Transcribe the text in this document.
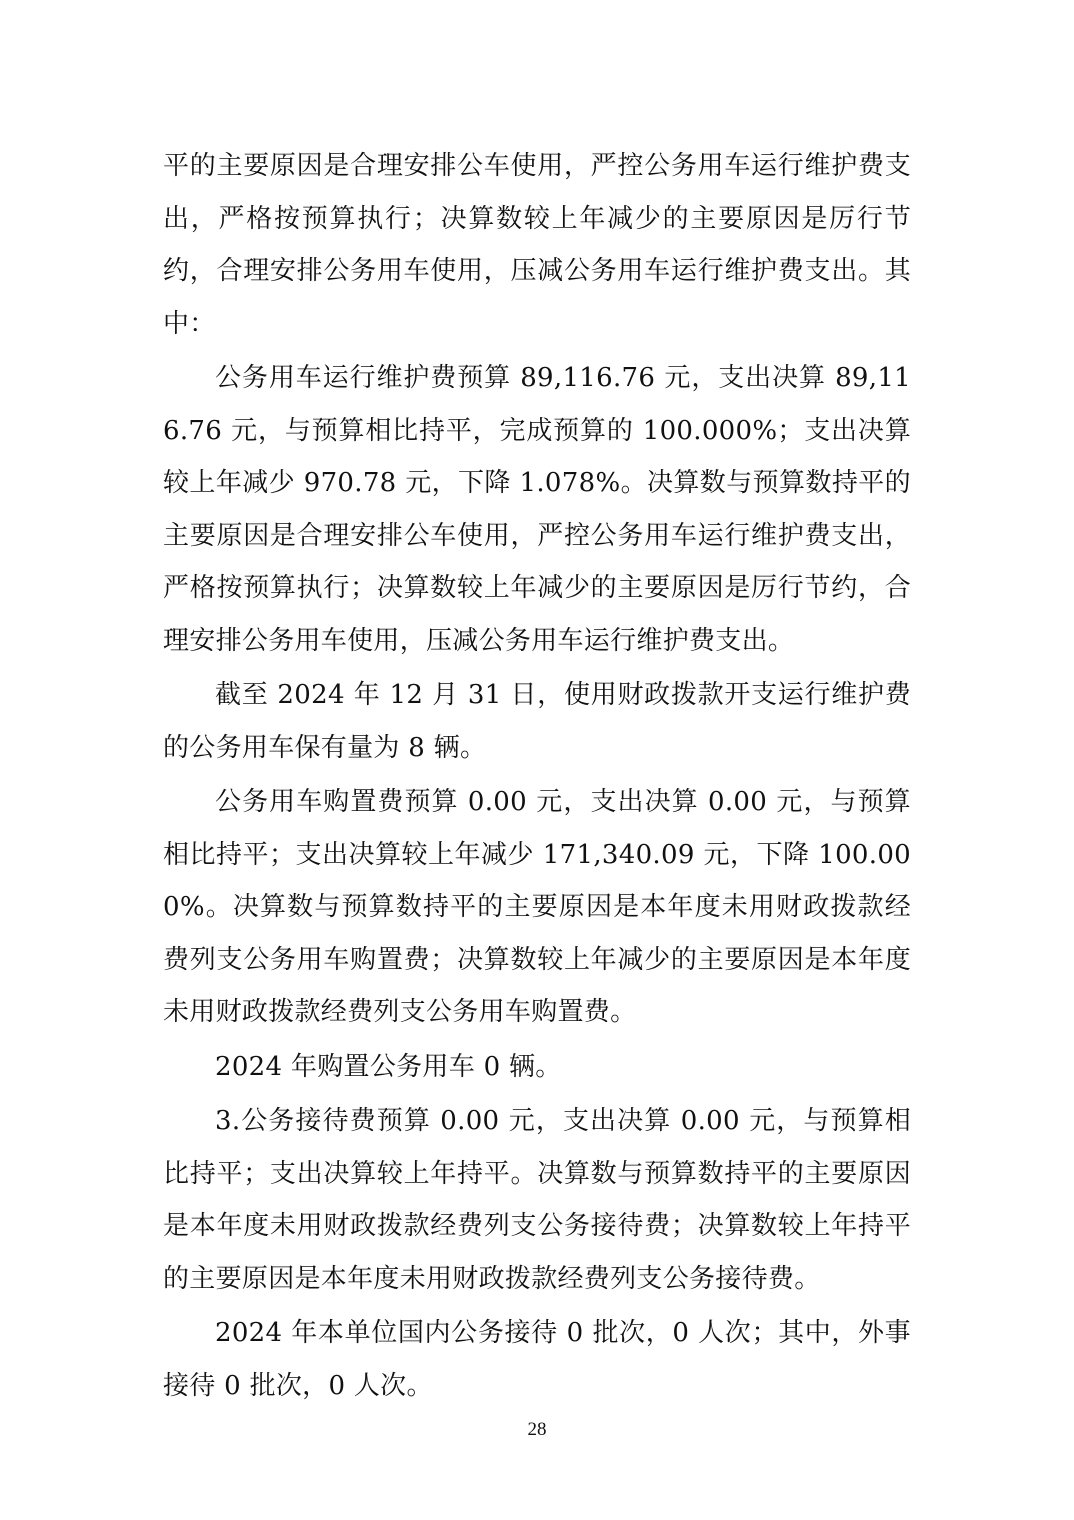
平的主要原因是合理安排公车使用，严控公务用车运行维护费支出，严格按预算执行；决算数较上年减少的主要原因是厉行节约，合理安排公务用车使用，压减公务用车运行维护费支出。其中：

公务用车运行维护费预算 89,116.76 元，支出决算 89,116.76 元，与预算相比持平，完成预算的 100.000%；支出决算较上年减少 970.78 元，下降 1.078%。决算数与预算数持平的主要原因是合理安排公车使用，严控公务用车运行维护费支出，严格按预算执行；决算数较上年减少的主要原因是厉行节约，合理安排公务用车使用，压减公务用车运行维护费支出。

截至 2024 年 12 月 31 日，使用财政拨款开支运行维护费的公务用车保有量为 8 辆。

公务用车购置费预算 0.00 元，支出决算 0.00 元，与预算相比持平；支出决算较上年减少 171,340.09 元，下降 100.000%。决算数与预算数持平的主要原因是本年度未用财政拨款经费列支公务用车购置费；决算数较上年减少的主要原因是本年度未用财政拨款经费列支公务用车购置费。

2024 年购置公务用车 0 辆。

3.公务接待费预算 0.00 元，支出决算 0.00 元，与预算相比持平；支出决算较上年持平。决算数与预算数持平的主要原因是本年度未用财政拨款经费列支公务接待费；决算数较上年持平的主要原因是本年度未用财政拨款经费列支公务接待费。

2024 年本单位国内公务接待 0 批次，0 人次；其中，外事接待 0 批次，0 人次。

28
